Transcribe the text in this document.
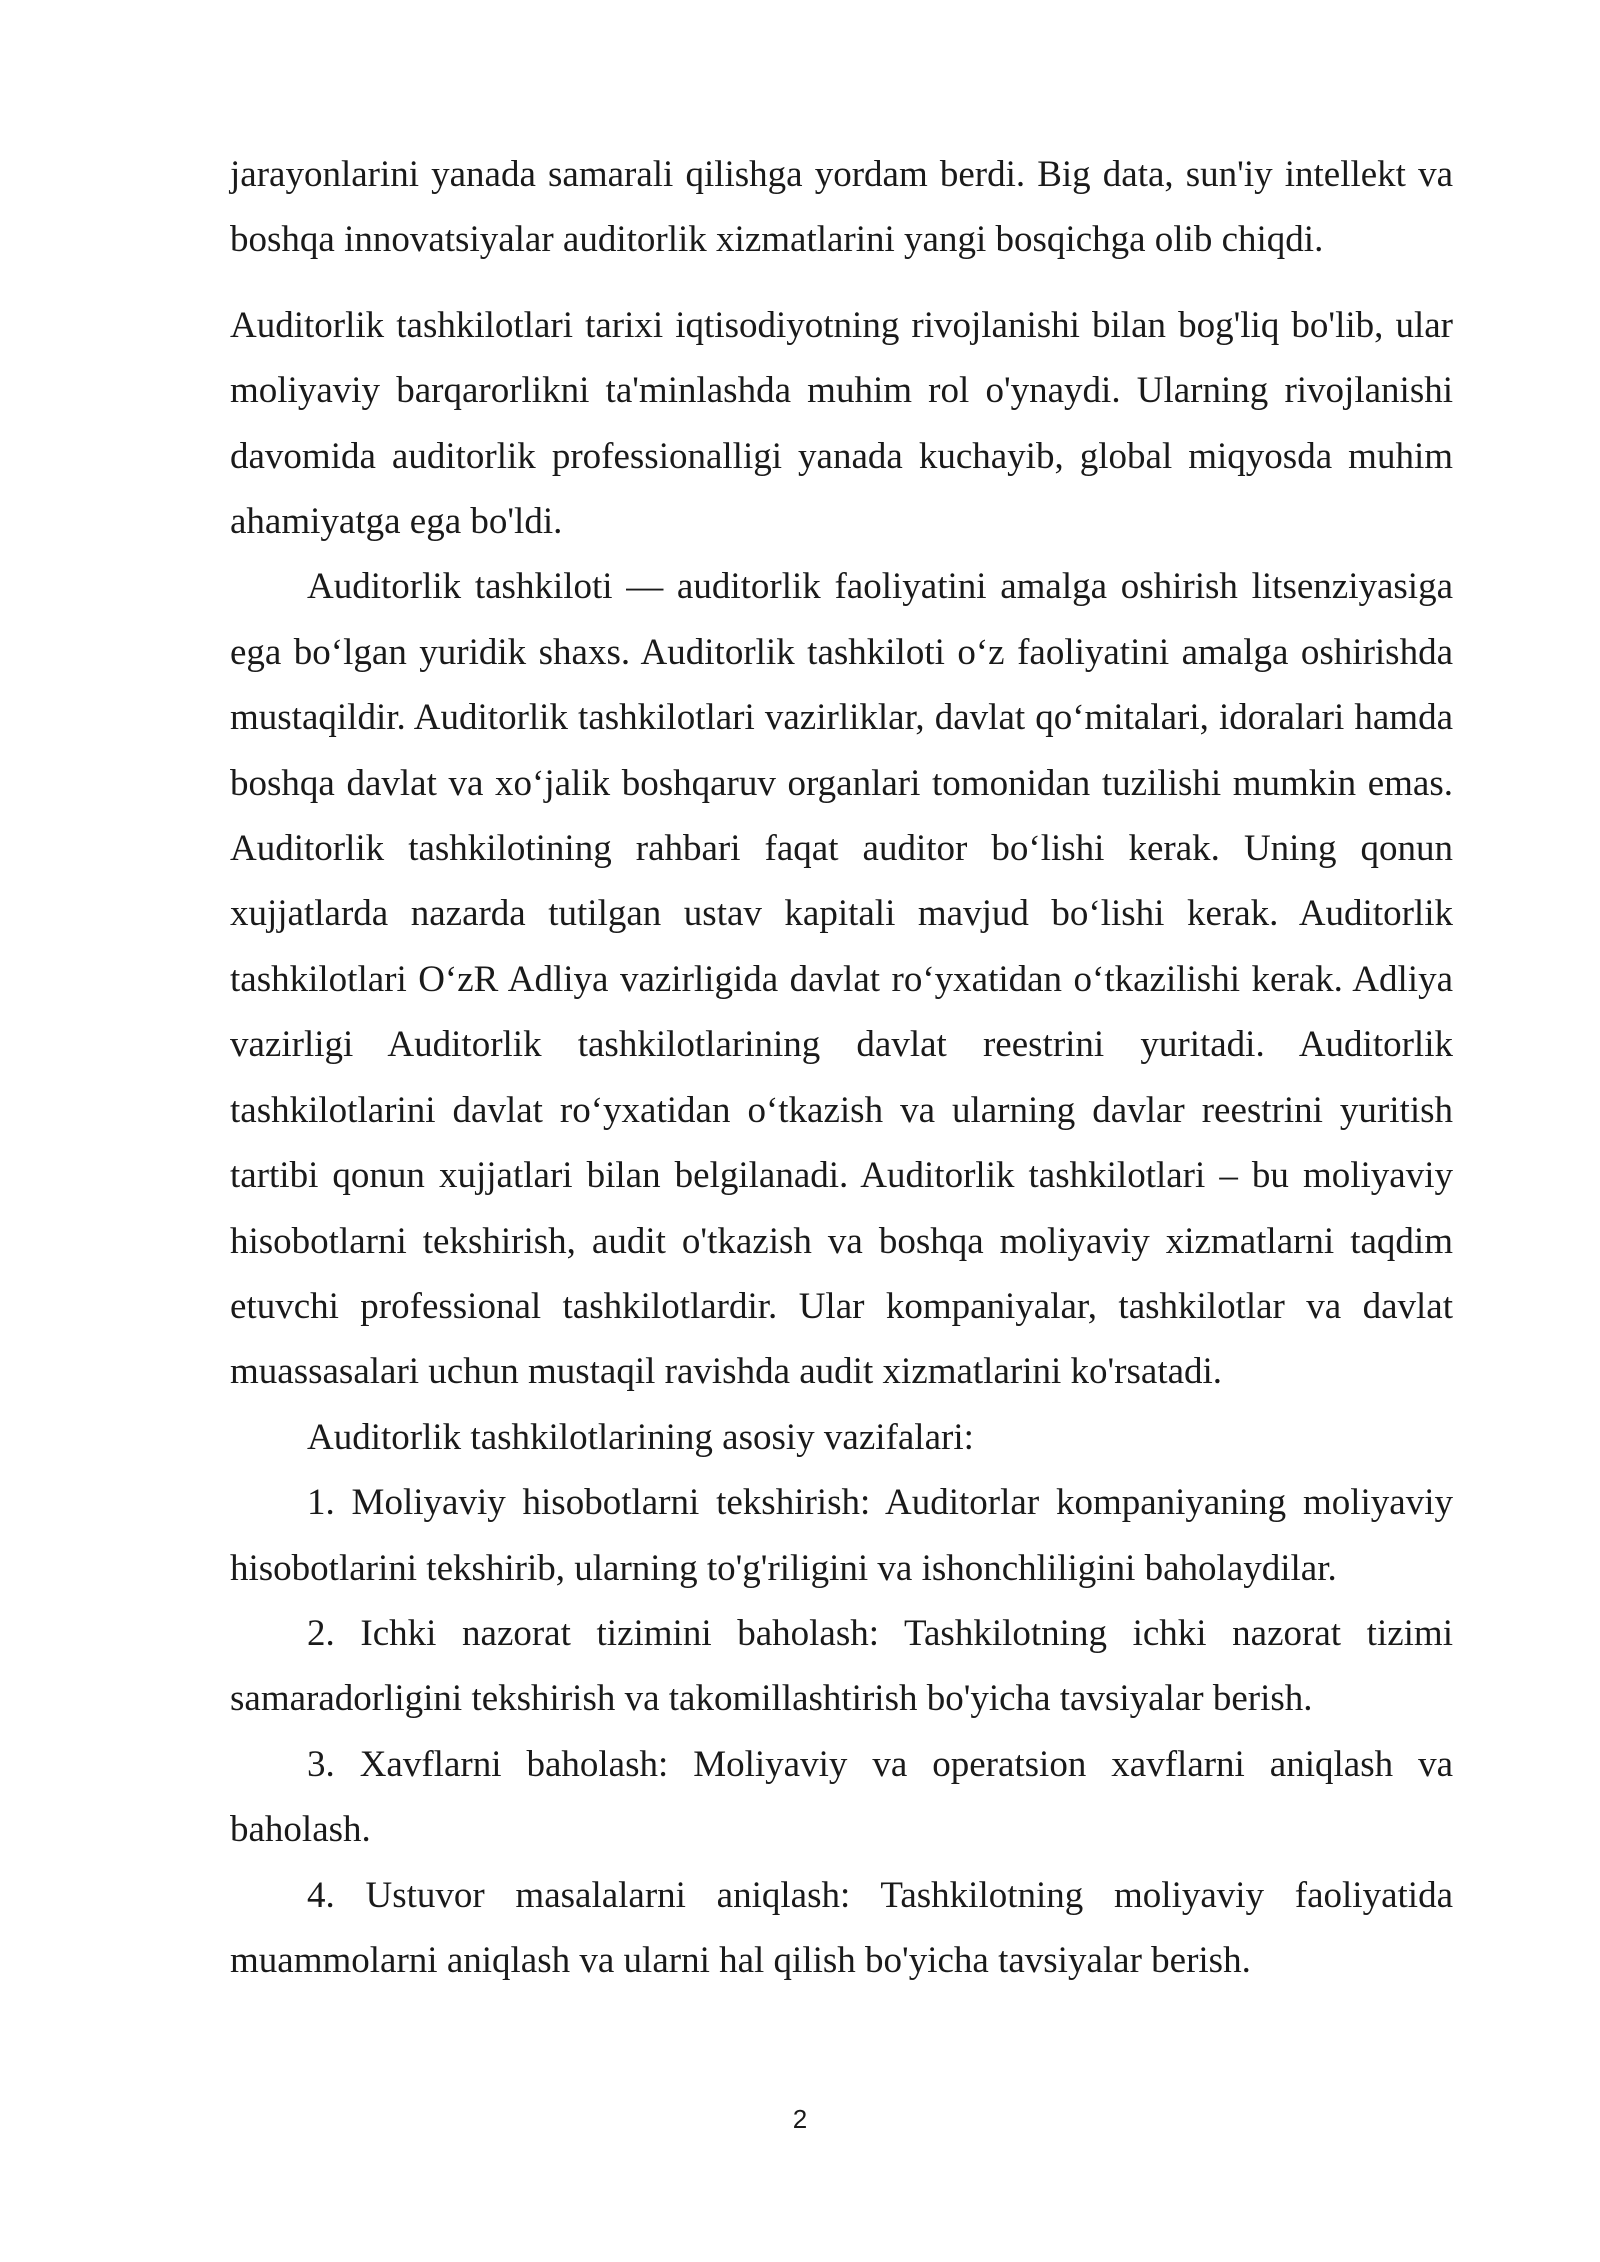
jarayonlarini yanada samarali qilishga yordam berdi. Big data, sun'iy intellekt va boshqa innovatsiyalar auditorlik xizmatlarini yangi bosqichga olib chiqdi.

Auditorlik tashkilotlari tarixi iqtisodiyotning rivojlanishi bilan bog'liq bo'lib, ular moliyaviy barqarorlikni ta'minlashda muhim rol o'ynaydi. Ularning rivojlanishi davomida auditorlik professionalligi yanada kuchayib, global miqyosda muhim ahamiyatga ega bo'ldi.

Auditorlik tashkiloti — auditorlik faoliyatini amalga oshirish litsenziyasiga ega bo‘lgan yuridik shaxs. Auditorlik tashkiloti o‘z faoliyatini amalga oshirishda mustaqildir. Auditorlik tashkilotlari vazirliklar, davlat qo‘mitalari, idoralari hamda boshqa davlat va xo‘jalik boshqaruv organlari tomonidan tuzilishi mumkin emas. Auditorlik tashkilotining rahbari faqat auditor bo‘lishi kerak. Uning qonun xujjatlarda nazarda tutilgan ustav kapitali mavjud bo‘lishi kerak. Auditorlik tashkilotlari O‘zR Adliya vazirligida davlat ro‘yxatidan o‘tkazilishi kerak. Adliya vazirligi Auditorlik tashkilotlarining davlat reestrini yuritadi. Auditorlik tashkilotlarini davlat ro‘yxatidan o‘tkazish va ularning davlar reestrini yuritish tartibi qonun xujjatlari bilan belgilanadi. Auditorlik tashkilotlari – bu moliyaviy hisobotlarni tekshirish, audit o'tkazish va boshqa moliyaviy xizmatlarni taqdim etuvchi professional tashkilotlardir. Ular kompaniyalar, tashkilotlar va davlat muassasalari uchun mustaqil ravishda audit xizmatlarini ko'rsatadi.

Auditorlik tashkilotlarining asosiy vazifalari:

1. Moliyaviy hisobotlarni tekshirish: Auditorlar kompaniyaning moliyaviy hisobotlarini tekshirib, ularning to'g'riligini va ishonchliligini baholaydilar.

2. Ichki nazorat tizimini baholash: Tashkilotning ichki nazorat tizimi samaradorligini tekshirish va takomillashtirish bo'yicha tavsiyalar berish.

3. Xavflarni baholash: Moliyaviy va operatsion xavflarni aniqlash va baholash.

4. Ustuvor masalalarni aniqlash: Tashkilotning moliyaviy faoliyatida muammolarni aniqlash va ularni hal qilish bo'yicha tavsiyalar berish.

2
